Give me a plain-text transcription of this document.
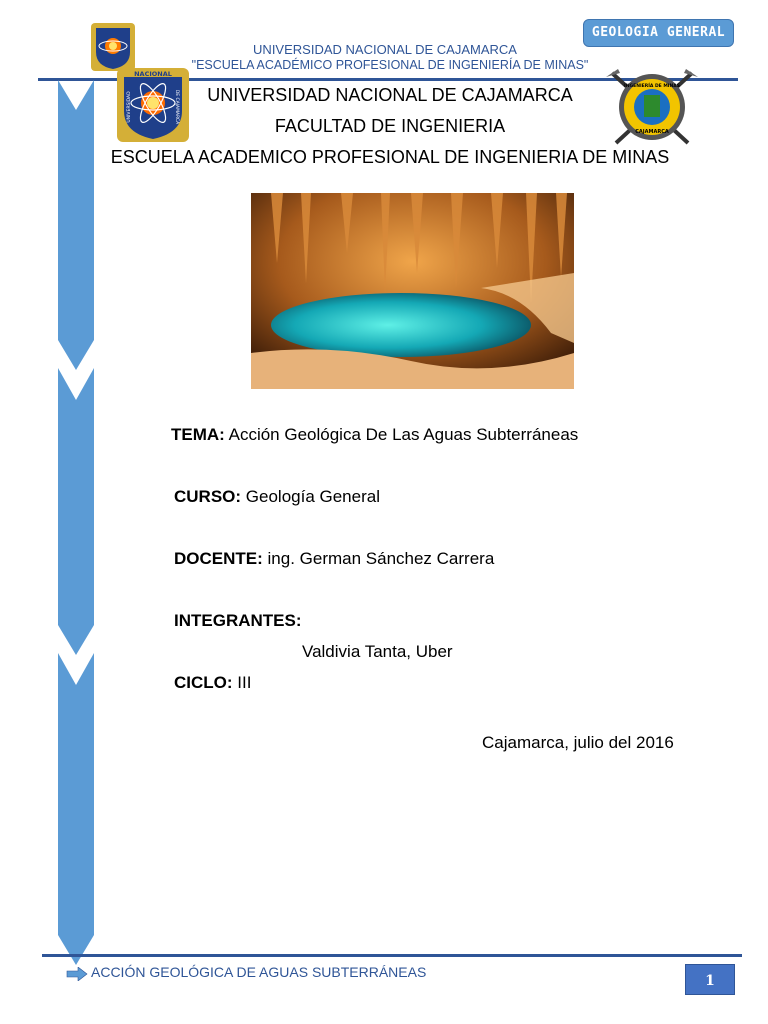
GEOLOGIA GENERAL
UNIVERSIDAD NACIONAL DE CAJAMARCA
"ESCUELA ACADÉMICO PROFESIONAL DE INGENIERÍA DE MINAS"
NACIONAL
UNIVERSIDAD	DE CAJAMARCA
INGENIERÍA DE MINAS
CAJAMARCA
UNIVERSIDAD NACIONAL DE CAJAMARCA
FACULTAD DE INGENIERIA
ESCUELA ACADEMICO PROFESIONAL DE INGENIERIA DE MINAS
TEMA: Acción Geológica De Las Aguas Subterráneas
CURSO: Geología General
DOCENTE: ing. German Sánchez Carrera
INTEGRANTES:
Valdivia Tanta, Uber
CICLO: III
Cajamarca, julio del 2016
ACCIÓN GEOLÓGICA DE AGUAS SUBTERRÁNEAS
1
